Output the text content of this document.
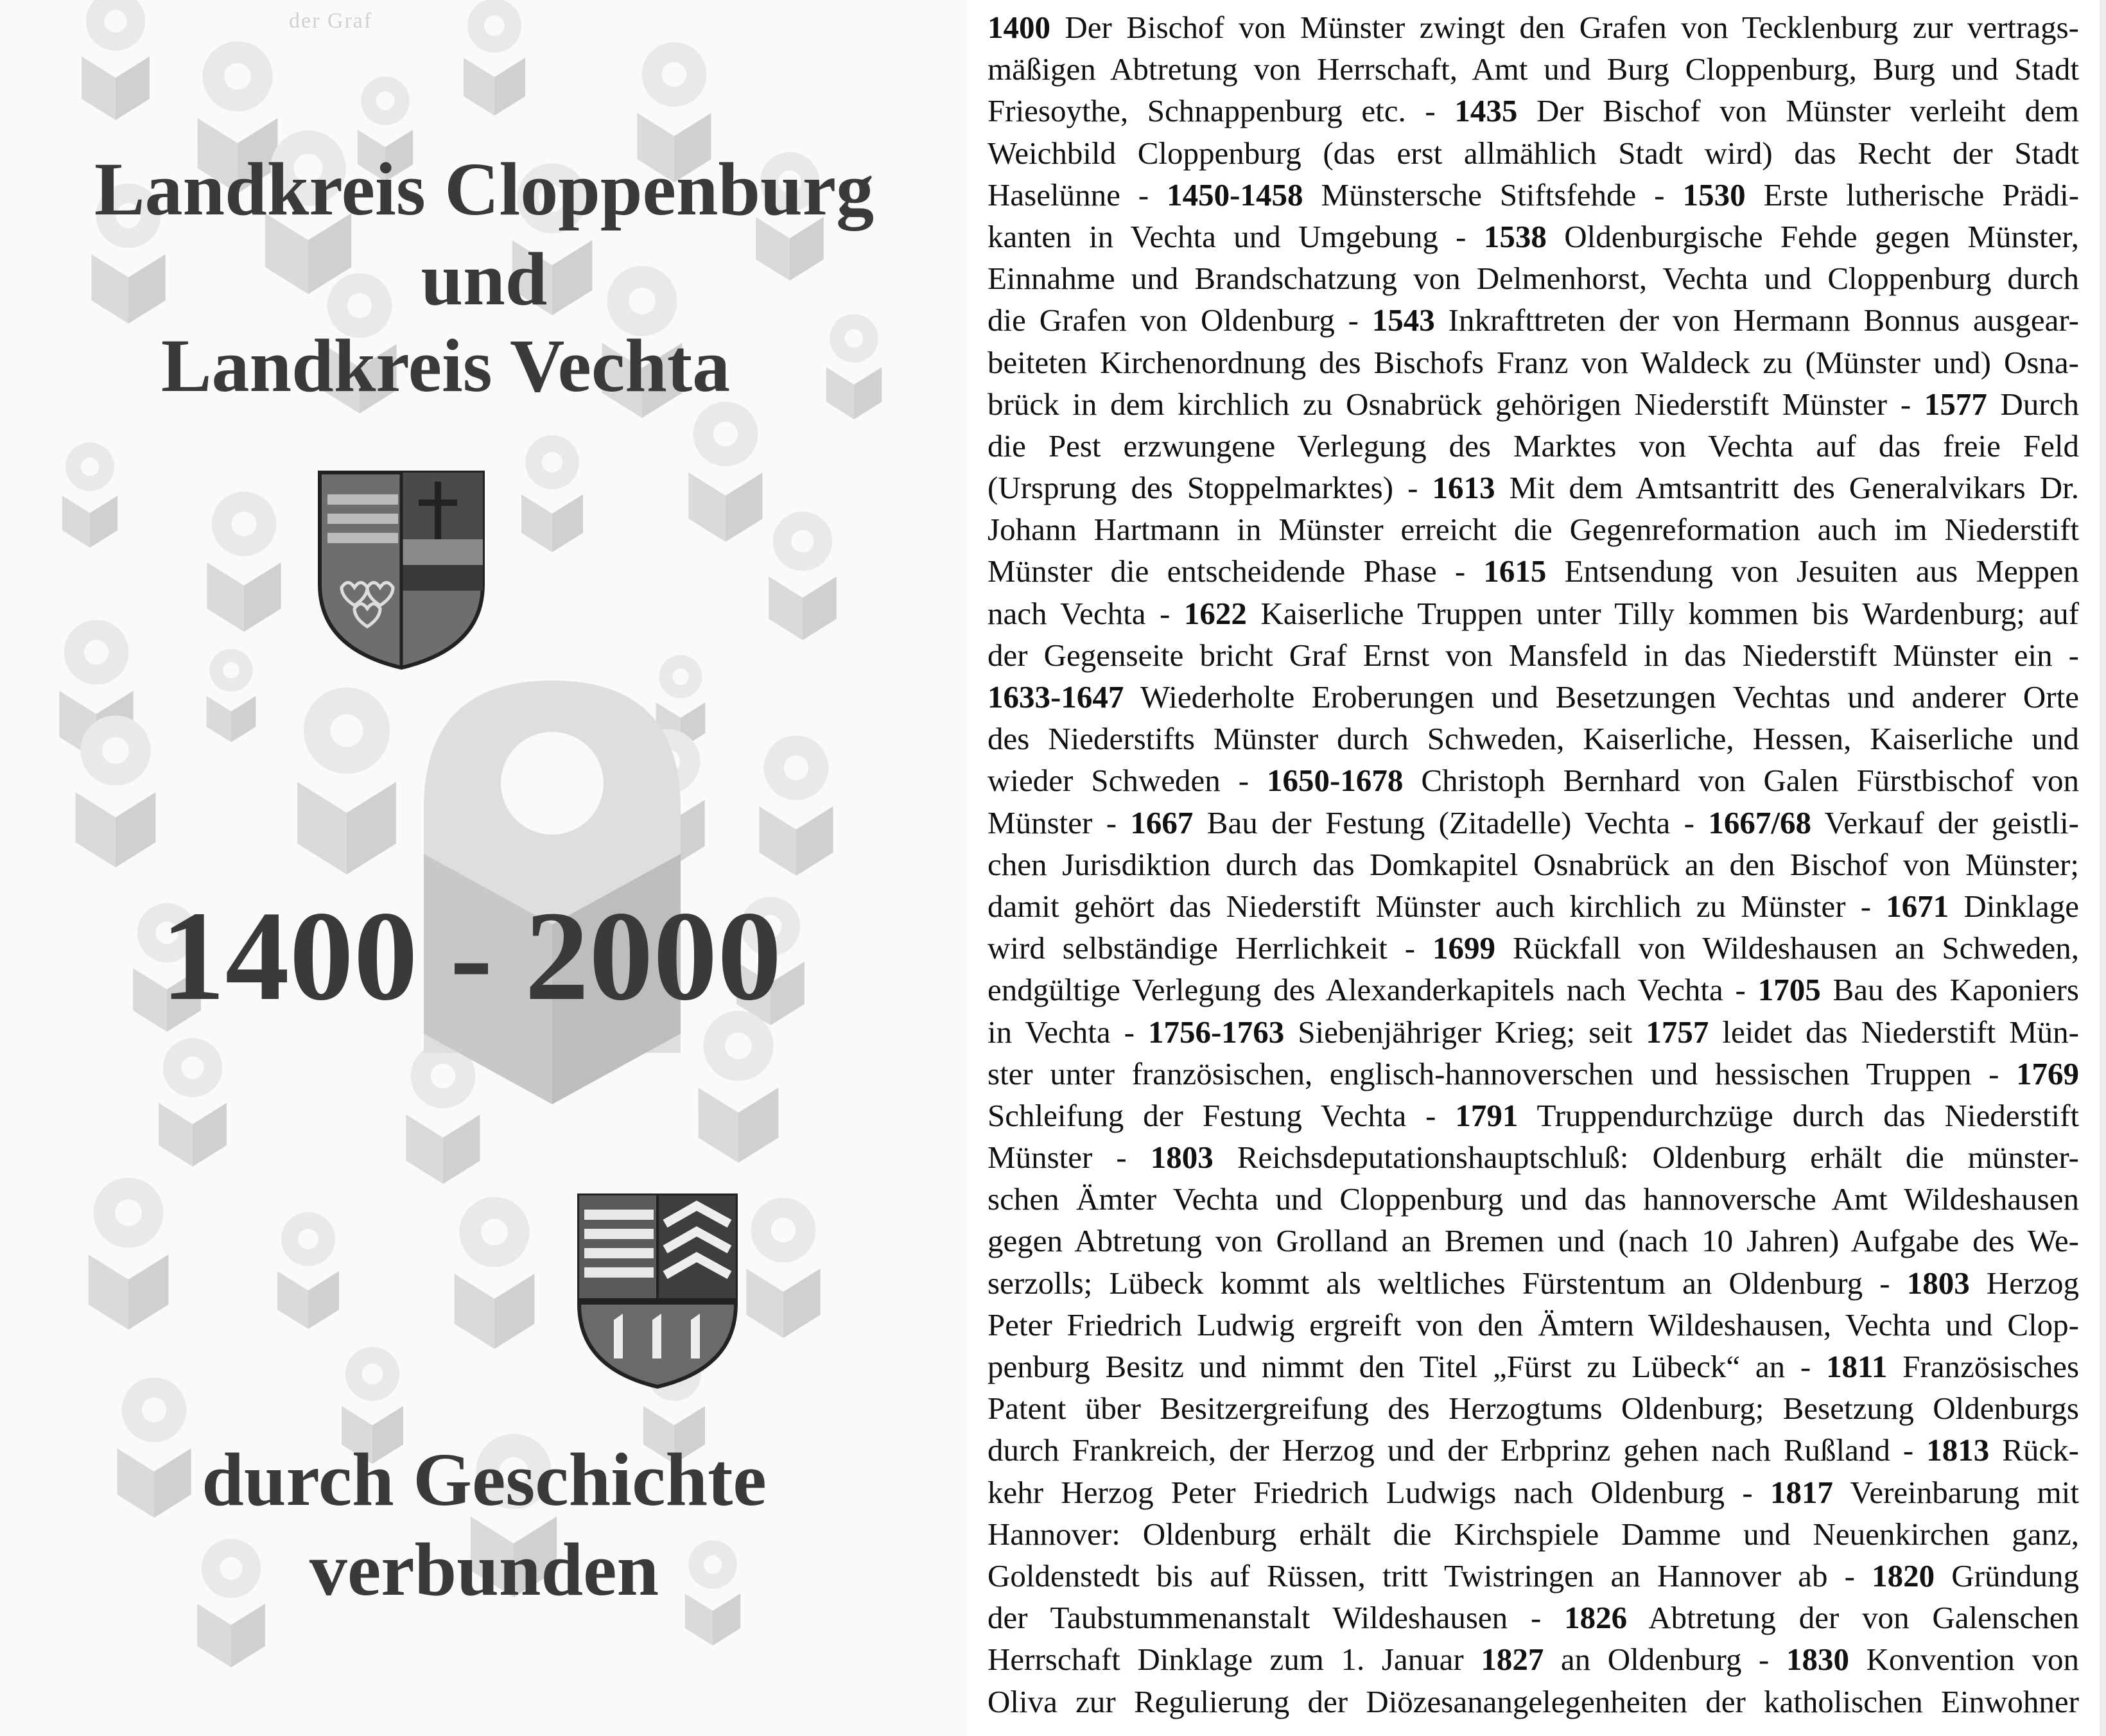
der Graf
Landkreis Cloppenburg
und
Landkreis Vechta
1400 - 2000
durch Geschichte
verbunden
1400 Der Bischof von Münster zwingt den Grafen von Tecklenburg zur vertrags-
mäßigen Abtretung von Herrschaft, Amt und Burg Cloppenburg, Burg und Stadt
Friesoythe, Schnappenburg etc. - 1435 Der Bischof von Münster verleiht dem
Weichbild Cloppenburg (das erst allmählich Stadt wird) das Recht der Stadt
Haselünne - 1450-1458 Münstersche Stiftsfehde - 1530 Erste lutherische Prädi-
kanten in Vechta und Umgebung - 1538 Oldenburgische Fehde gegen Münster,
Einnahme und Brandschatzung von Delmenhorst, Vechta und Cloppenburg durch
die Grafen von Oldenburg - 1543 Inkrafttreten der von Hermann Bonnus ausgear-
beiteten Kirchenordnung des Bischofs Franz von Waldeck zu (Münster und) Osna-
brück in dem kirchlich zu Osnabrück gehörigen Niederstift Münster - 1577 Durch
die Pest erzwungene Verlegung des Marktes von Vechta auf das freie Feld
(Ursprung des Stoppelmarktes) - 1613 Mit dem Amtsantritt des Generalvikars Dr.
Johann Hartmann in Münster erreicht die Gegenreformation auch im Niederstift
Münster die entscheidende Phase - 1615 Entsendung von Jesuiten aus Meppen
nach Vechta - 1622 Kaiserliche Truppen unter Tilly kommen bis Wardenburg; auf
der Gegenseite bricht Graf Ernst von Mansfeld in das Niederstift Münster ein -
1633-1647 Wiederholte Eroberungen und Besetzungen Vechtas und anderer Orte
des Niederstifts Münster durch Schweden, Kaiserliche, Hessen, Kaiserliche und
wieder Schweden - 1650-1678 Christoph Bernhard von Galen Fürstbischof von
Münster - 1667 Bau der Festung (Zitadelle) Vechta - 1667/68 Verkauf der geistli-
chen Jurisdiktion durch das Domkapitel Osnabrück an den Bischof von Münster;
damit gehört das Niederstift Münster auch kirchlich zu Münster - 1671 Dinklage
wird selbständige Herrlichkeit - 1699 Rückfall von Wildeshausen an Schweden,
endgültige Verlegung des Alexanderkapitels nach Vechta - 1705 Bau des Kaponiers
in Vechta - 1756-1763 Siebenjähriger Krieg; seit 1757 leidet das Niederstift Mün-
ster unter französischen, englisch-hannoverschen und hessischen Truppen - 1769
Schleifung der Festung Vechta - 1791 Truppendurchzüge durch das Niederstift
Münster - 1803 Reichsdeputationshauptschluß: Oldenburg erhält die münster-
schen Ämter Vechta und Cloppenburg und das hannoversche Amt Wildeshausen
gegen Abtretung von Grolland an Bremen und (nach 10 Jahren) Aufgabe des We-
serzolls; Lübeck kommt als weltliches Fürstentum an Oldenburg - 1803 Herzog
Peter Friedrich Ludwig ergreift von den Ämtern Wildeshausen, Vechta und Clop-
penburg Besitz und nimmt den Titel „Fürst zu Lübeck“ an - 1811 Französisches
Patent über Besitzergreifung des Herzogtums Oldenburg; Besetzung Oldenburgs
durch Frankreich, der Herzog und der Erbprinz gehen nach Rußland - 1813 Rück-
kehr Herzog Peter Friedrich Ludwigs nach Oldenburg - 1817 Vereinbarung mit
Hannover: Oldenburg erhält die Kirchspiele Damme und Neuenkirchen ganz,
Goldenstedt bis auf Rüssen, tritt Twistringen an Hannover ab - 1820 Gründung
der Taubstummenanstalt Wildeshausen - 1826 Abtretung der von Galenschen
Herrschaft Dinklage zum 1. Januar 1827 an Oldenburg - 1830 Konvention von
Oliva zur Regulierung der Diözesanangelegenheiten der katholischen Einwohner
